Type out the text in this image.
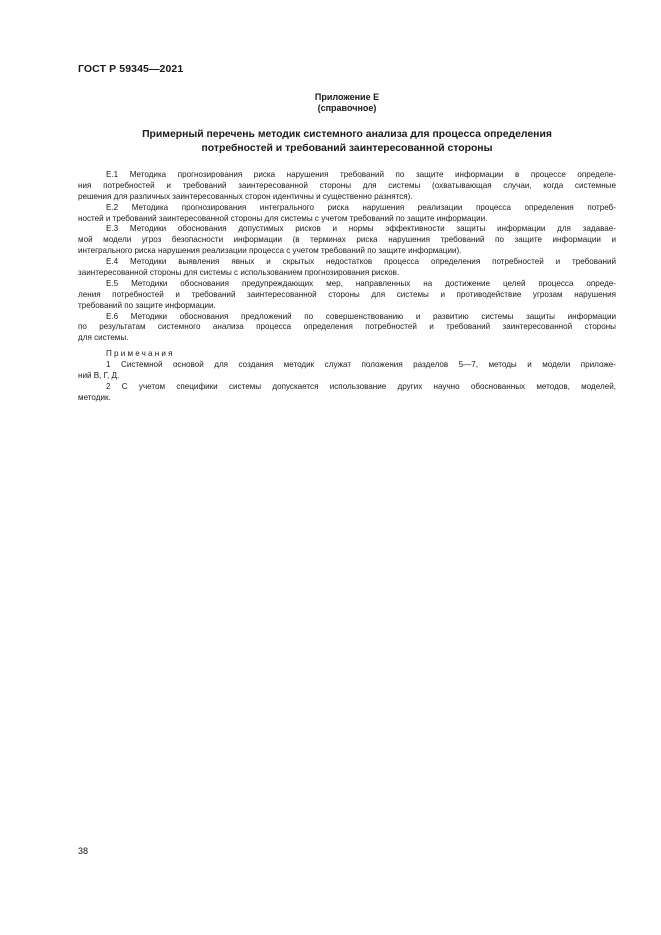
ГОСТ Р 59345—2021
Приложение Е
(справочное)
Примерный перечень методик системного анализа для процесса определения
потребностей и требований заинтересованной стороны
Е.1 Методика прогнозирования риска нарушения требований по защите информации в процессе определе-
ния потребностей и требований заинтересованной стороны для системы (охватывающая случаи, когда системные
решения для различных заинтересованных сторон идентичны и существенно разнятся).
Е.2 Методика прогнозирования интегрального риска нарушения реализации процесса определения потреб-
ностей и требований заинтересованной стороны для системы с учетом требований по защите информации.
Е.3 Методики обоснования допустимых рисков и нормы эффективности защиты информации для задавае-
мой модели угроз безопасности информации (в терминах риска нарушения требований по защите информации и
интегрального риска нарушения реализации процесса с учетом требований по защите информации).
Е.4 Методики выявления явных и скрытых недостатков процесса определения потребностей и требований
заинтересованной стороны для системы с использованием прогнозирования рисков.
Е.5 Методики обоснования предупреждающих мер, направленных на достижение целей процесса опреде-
ления потребностей и требований заинтересованной стороны для системы и противодействие угрозам нарушения
требований по защите информации.
Е.6 Методики обоснования предложений по совершенствованию и развитию системы защиты информации
по результатам системного анализа процесса определения потребностей и требований заинтересованной стороны
для системы.
Примечания
1 Системной основой для создания методик служат положения разделов 5—7, методы и модели приложе-
ний В, Г, Д.
2 С учетом специфики системы допускается использование других научно обоснованных методов, моделей,
методик.
38
